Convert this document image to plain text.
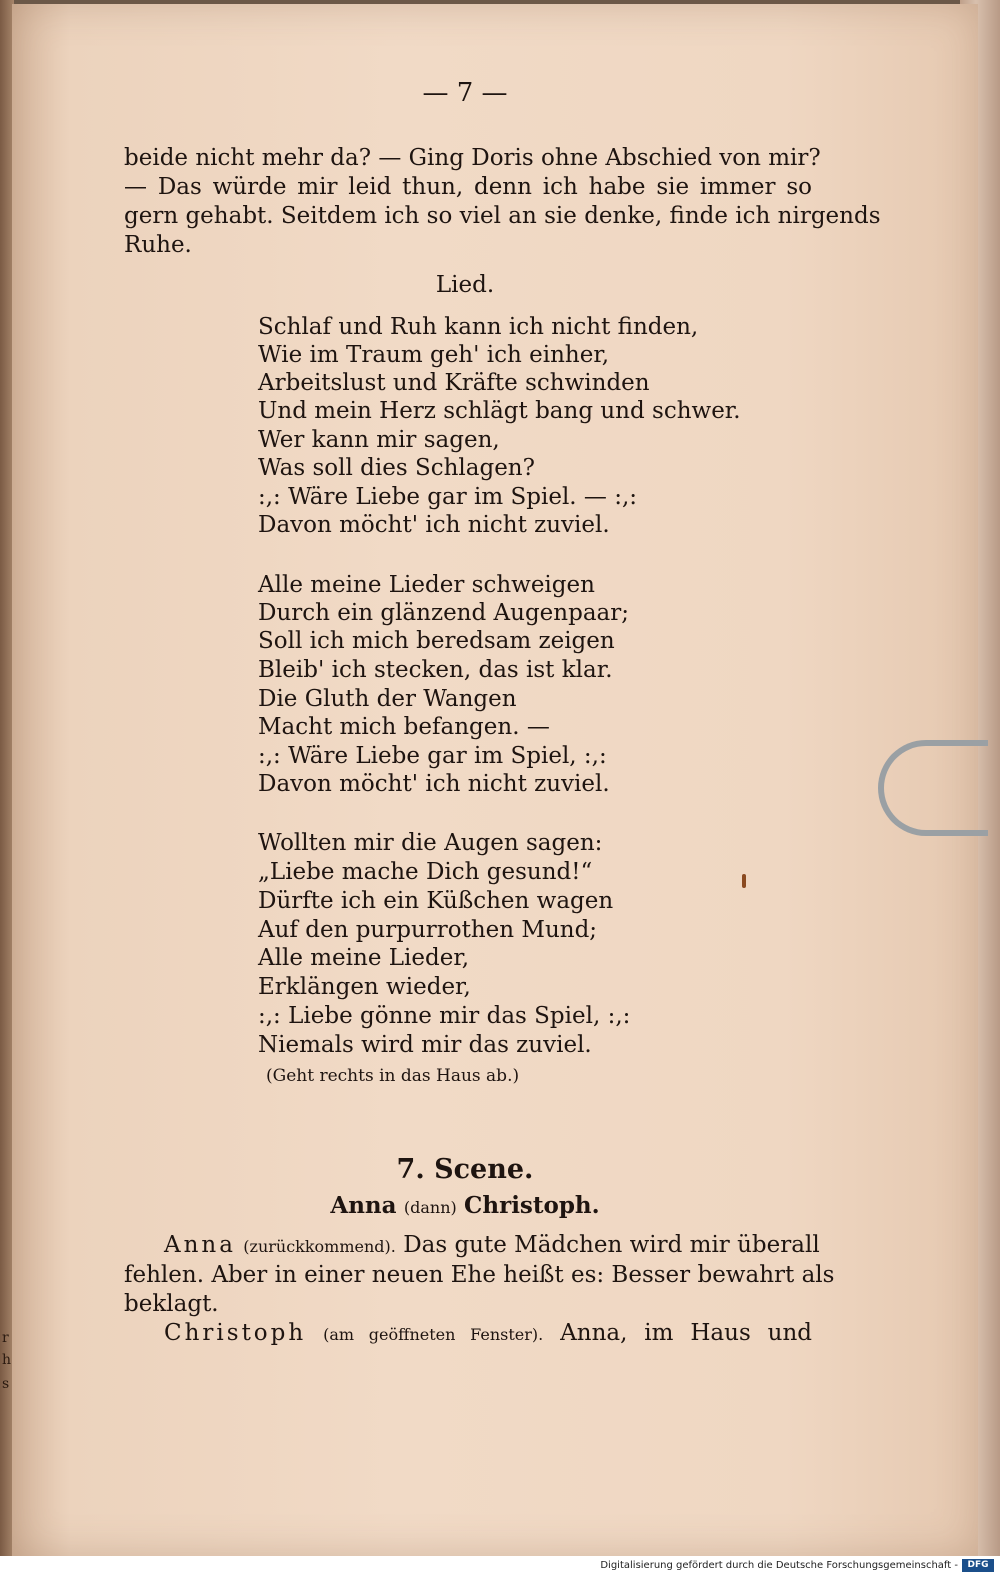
r
h
s
— 7 —
beide nicht mehr da? — Ging Doris ohne Abschied von mir?
— Das würde mir leid thun, denn ich habe sie immer so
gern gehabt. Seitdem ich so viel an sie denke, finde ich nirgends
Ruhe.
Lied.
Schlaf und Ruh kann ich nicht finden,
Wie im Traum geh' ich einher,
Arbeitslust und Kräfte schwinden
Und mein Herz schlägt bang und schwer.
Wer kann mir sagen,
Was soll dies Schlagen?
:,: Wäre Liebe gar im Spiel. — :,:
Davon möcht' ich nicht zuviel.
Alle meine Lieder schweigen
Durch ein glänzend Augenpaar;
Soll ich mich beredsam zeigen
Bleib' ich stecken, das ist klar.
Die Gluth der Wangen
Macht mich befangen. —
:,: Wäre Liebe gar im Spiel, :,:
Davon möcht' ich nicht zuviel.
Wollten mir die Augen sagen:
„Liebe mache Dich gesund!“
Dürfte ich ein Küßchen wagen
Auf den purpurrothen Mund;
Alle meine Lieder,
Erklängen wieder,
:,: Liebe gönne mir das Spiel, :,:
Niemals wird mir das zuviel.
(Geht rechts in das Haus ab.)
7. Scene.
Anna (dann) Christoph.
Anna (zurückkommend). Das gute Mädchen wird mir überall
fehlen. Aber in einer neuen Ehe heißt es: Besser bewahrt als
beklagt.
Christoph (am geöffneten Fenster). Anna, im Haus und
Digitalisierung gefördert durch die Deutsche Forschungsgemeinschaft -	DFG
